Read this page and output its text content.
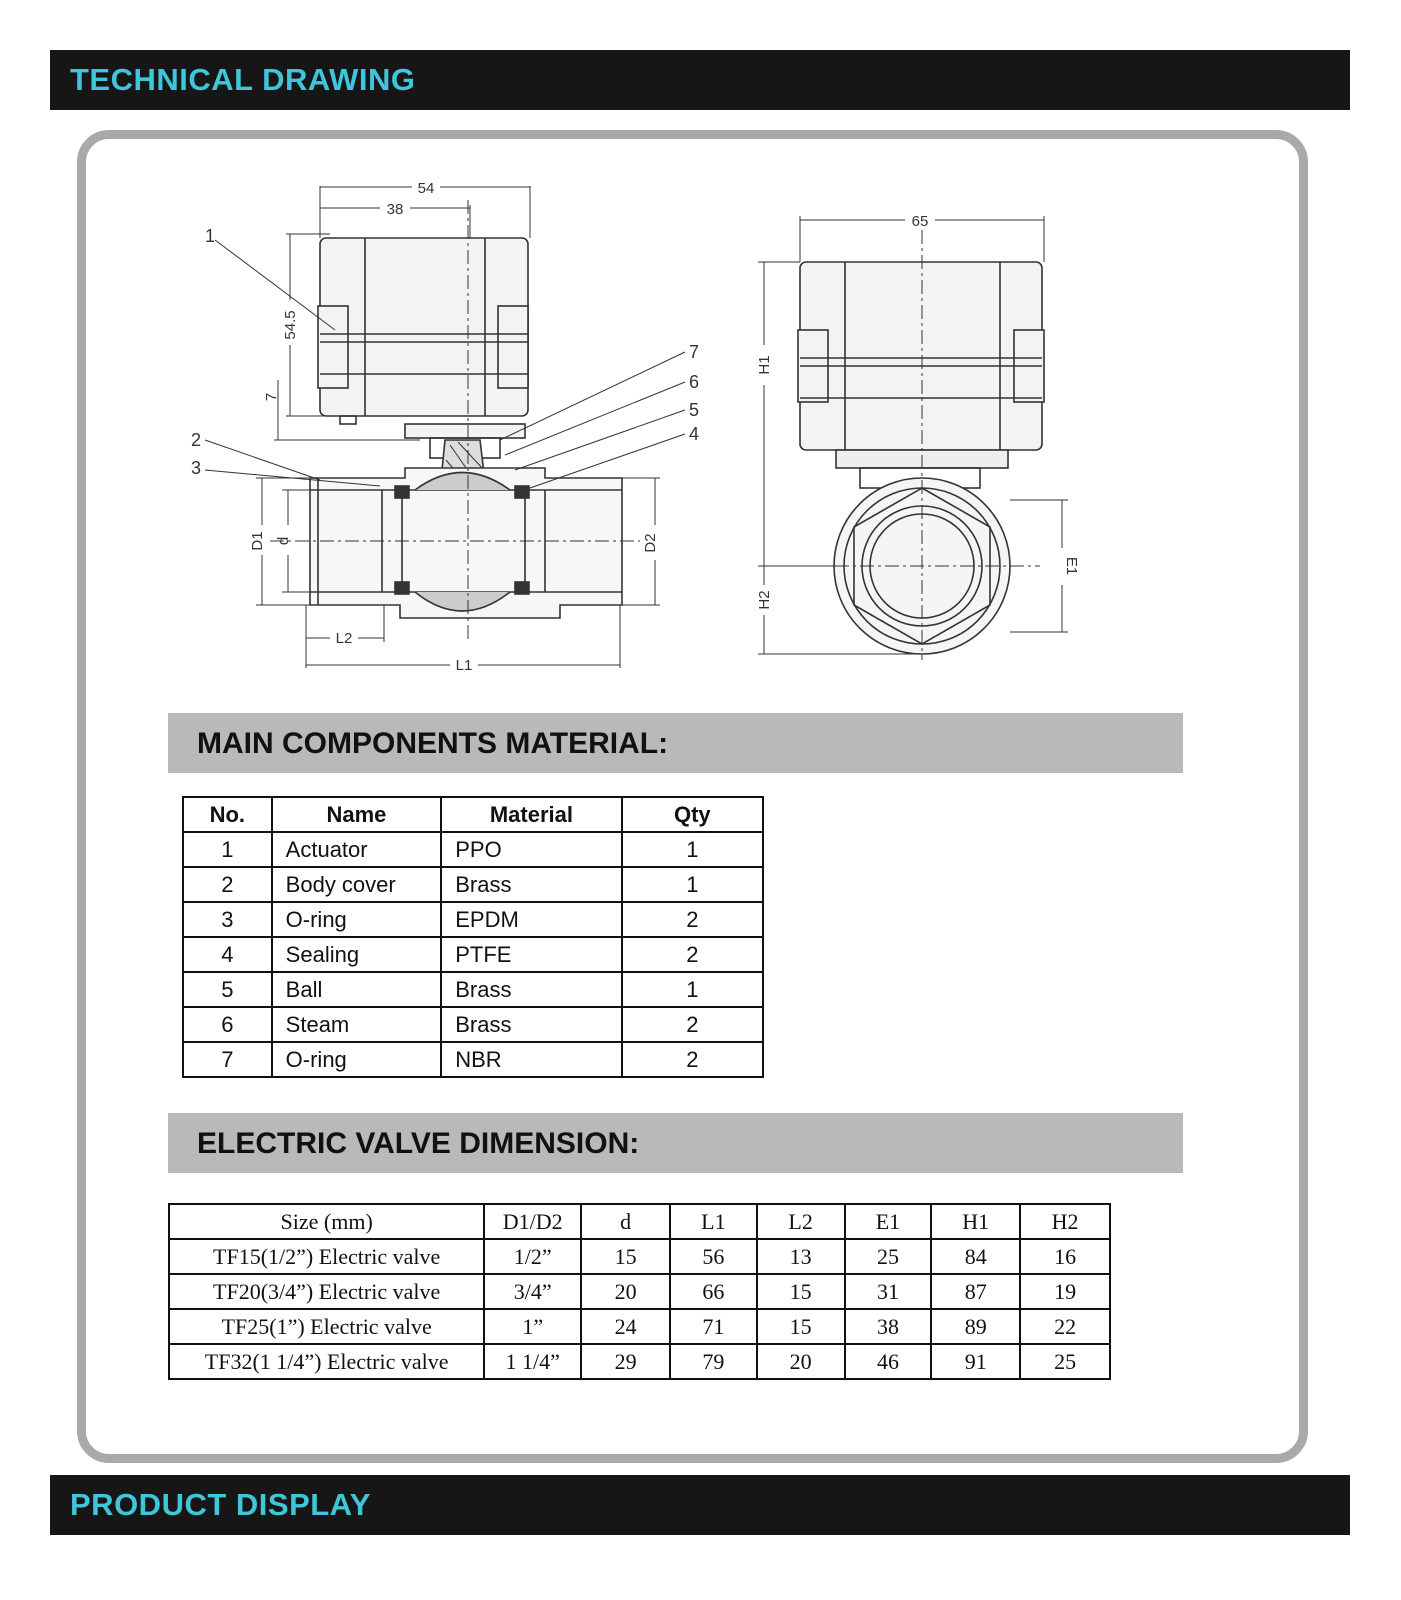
TECHNICAL DRAWING
54
38
54.5
7
D1 d	D2
L2
L1
1
2
3
4
5
6
7
65
H1
H2
E1
MAIN COMPONENTS MATERIAL:
No.	Name	Material	Qty
1	Actuator	PPO	1
2	Body cover	Brass	1
3	O-ring	EPDM	2
4	Sealing	PTFE	2
5	Ball	Brass	1
6	Steam	Brass	2
7	O-ring	NBR	2
ELECTRIC VALVE DIMENSION:
Size (mm)	D1/D2	d	L1	L2	E1	H1	H2
TF15(1/2”) Electric valve	1/2”	15	56	13	25	84	16
TF20(3/4”) Electric valve	3/4”	20	66	15	31	87	19
TF25(1”) Electric valve	1”	24	71	15	38	89	22
TF32(1 1/4”) Electric valve	1 1/4”	29	79	20	46	91	25
PRODUCT DISPLAY
